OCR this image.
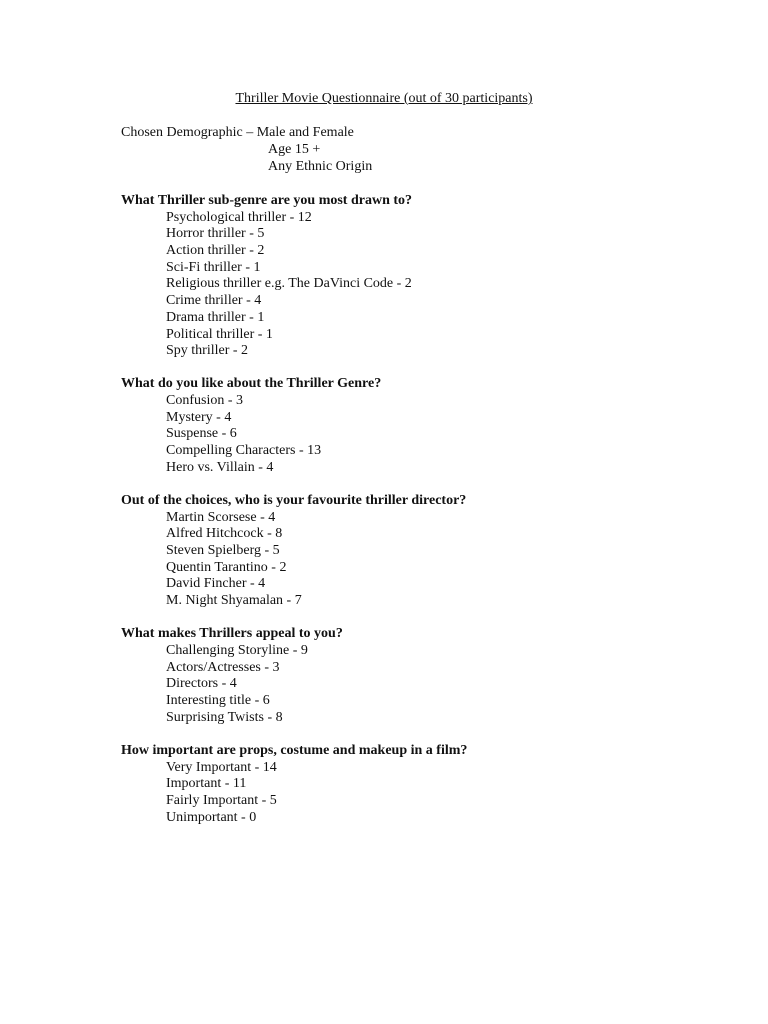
Thriller Movie Questionnaire (out of 30 participants)
Chosen Demographic – Male and Female
Age 15 +
Any Ethnic Origin

What Thriller sub-genre are you most drawn to?

Psychological thriller - 12
Horror thriller - 5
Action thriller - 2
Sci-Fi thriller - 1
Religious thriller e.g. The DaVinci Code - 2
Crime thriller - 4
Drama thriller - 1
Political thriller - 1
Spy thriller - 2

What do you like about the Thriller Genre?

Confusion - 3
Mystery - 4
Suspense - 6
Compelling Characters - 13
Hero vs. Villain - 4

Out of the choices, who is your favourite thriller director?

Martin Scorsese - 4
Alfred Hitchcock - 8
Steven Spielberg - 5
Quentin Tarantino - 2
David Fincher - 4
M. Night Shyamalan - 7

What makes Thrillers appeal to you?

Challenging Storyline - 9
Actors/Actresses - 3
Directors - 4
Interesting title - 6
Surprising Twists - 8

How important are props, costume and makeup in a film?

Very Important - 14
Important - 11
Fairly Important - 5
Unimportant - 0
